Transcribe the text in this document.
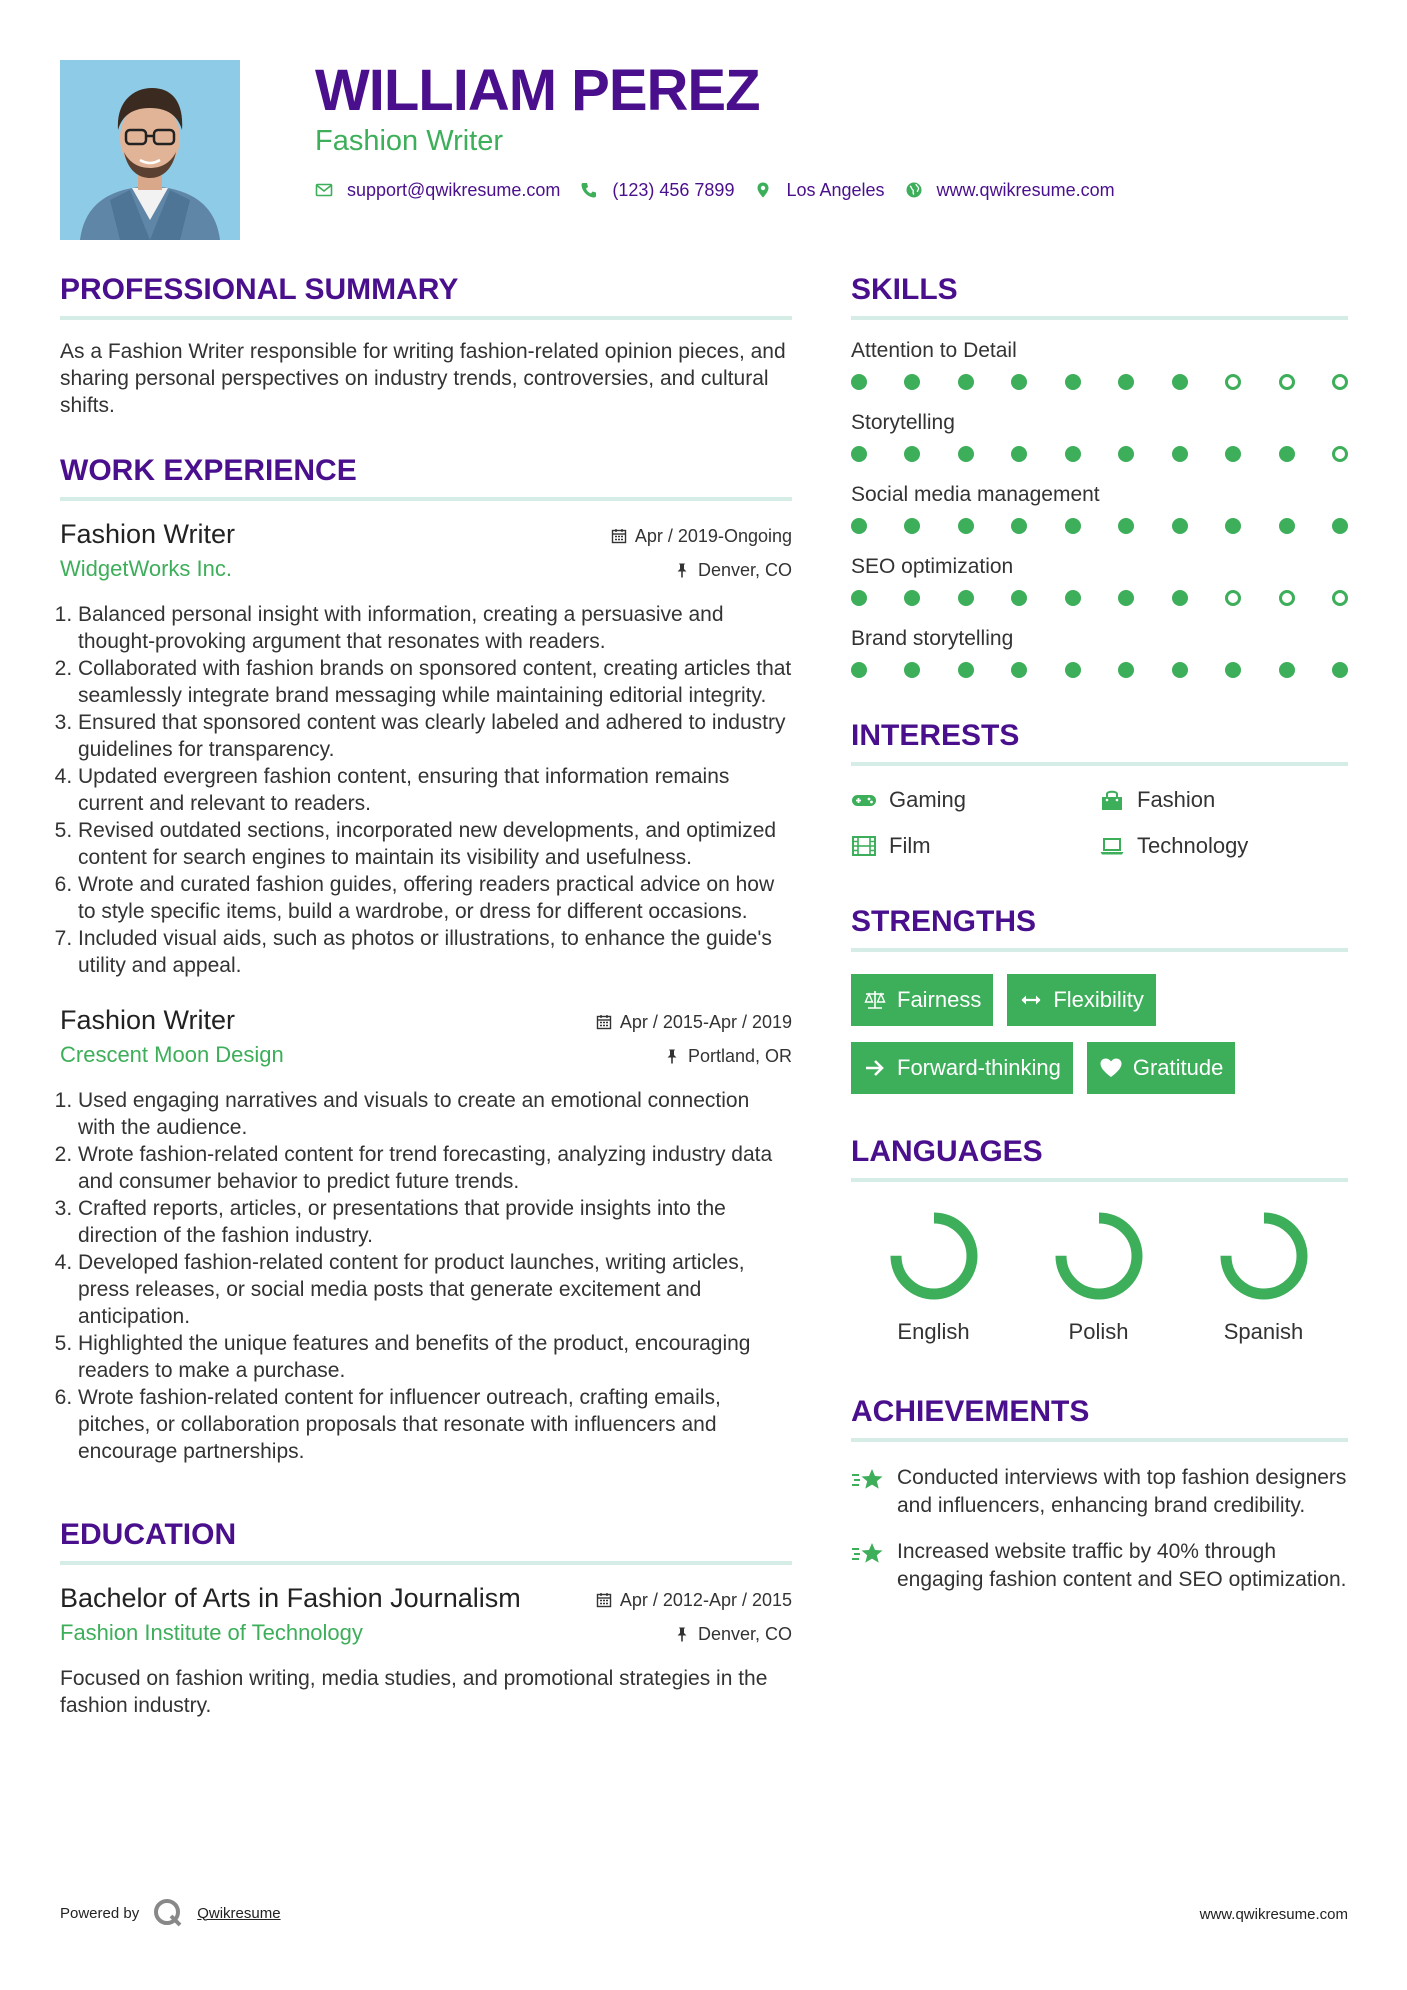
WILLIAM PEREZ
Fashion Writer
support@qwikresume.com	(123) 456 7899	Los Angeles	www.qwikresume.com
PROFESSIONAL SUMMARY
As a Fashion Writer responsible for writing fashion-related opinion pieces, and sharing personal perspectives on industry trends, controversies, and cultural shifts.
WORK EXPERIENCE
Fashion Writer
WidgetWorks Inc.
Apr / 2019-Ongoing
Denver, CO
1. Balanced personal insight with information, creating a persuasive and thought-provoking argument that resonates with readers.
2. Collaborated with fashion brands on sponsored content, creating articles that seamlessly integrate brand messaging while maintaining editorial integrity.
3. Ensured that sponsored content was clearly labeled and adhered to industry guidelines for transparency.
4. Updated evergreen fashion content, ensuring that information remains current and relevant to readers.
5. Revised outdated sections, incorporated new developments, and optimized content for search engines to maintain its visibility and usefulness.
6. Wrote and curated fashion guides, offering readers practical advice on how to style specific items, build a wardrobe, or dress for different occasions.
7. Included visual aids, such as photos or illustrations, to enhance the guide's utility and appeal.
Fashion Writer
Crescent Moon Design
Apr / 2015-Apr / 2019
Portland, OR
1. Used engaging narratives and visuals to create an emotional connection with the audience.
2. Wrote fashion-related content for trend forecasting, analyzing industry data and consumer behavior to predict future trends.
3. Crafted reports, articles, or presentations that provide insights into the direction of the fashion industry.
4. Developed fashion-related content for product launches, writing articles, press releases, or social media posts that generate excitement and anticipation.
5. Highlighted the unique features and benefits of the product, encouraging readers to make a purchase.
6. Wrote fashion-related content for influencer outreach, crafting emails, pitches, or collaboration proposals that resonate with influencers and encourage partnerships.
EDUCATION
Bachelor of Arts in Fashion Journalism
Fashion Institute of Technology
Apr / 2012-Apr / 2015
Denver, CO
Focused on fashion writing, media studies, and promotional strategies in the fashion industry.
SKILLS
Attention to Detail
Storytelling
Social media management
SEO optimization
Brand storytelling
INTERESTS
Gaming	Fashion
Film	Technology
STRENGTHS
Fairness	Flexibility
Forward-thinking	Gratitude
LANGUAGES
English	Polish	Spanish
ACHIEVEMENTS
Conducted interviews with top fashion designers and influencers, enhancing brand credibility.
Increased website traffic by 40% through engaging fashion content and SEO optimization.
Powered by	Qwikresume	www.qwikresume.com
